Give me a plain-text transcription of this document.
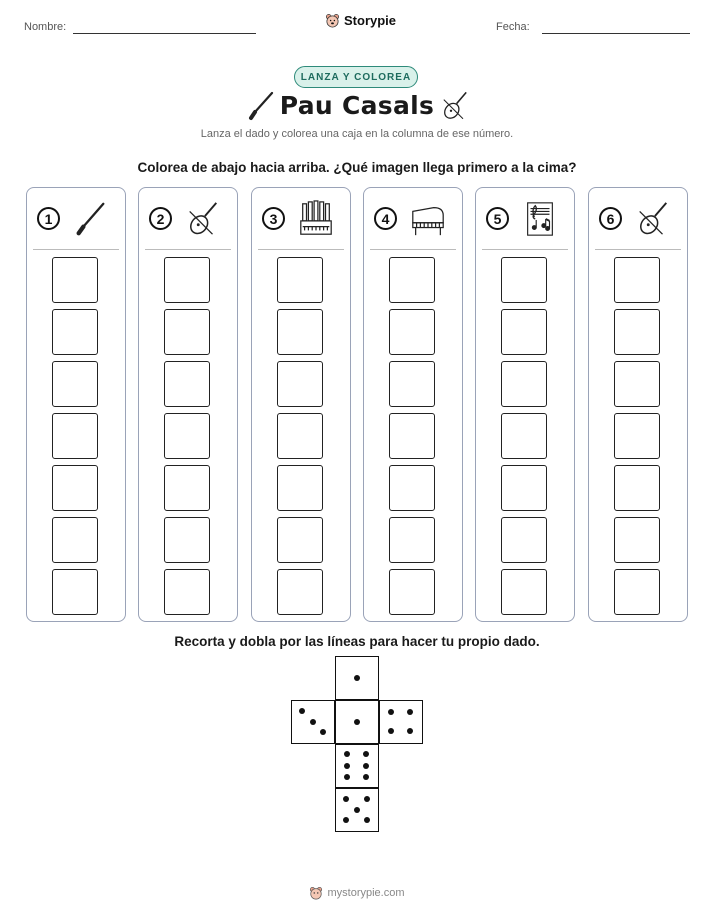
Nombre:	Storypie	Fecha:
LANZA Y COLOREA
Pau Casals
Lanza el dado y colorea una caja en la columna de ese número.
Colorea de abajo hacia arriba. ¿Qué imagen llega primero a la cima?
1	2	3	4	5	6
Recorta y dobla por las líneas para hacer tu propio dado.
mystorypie.com
